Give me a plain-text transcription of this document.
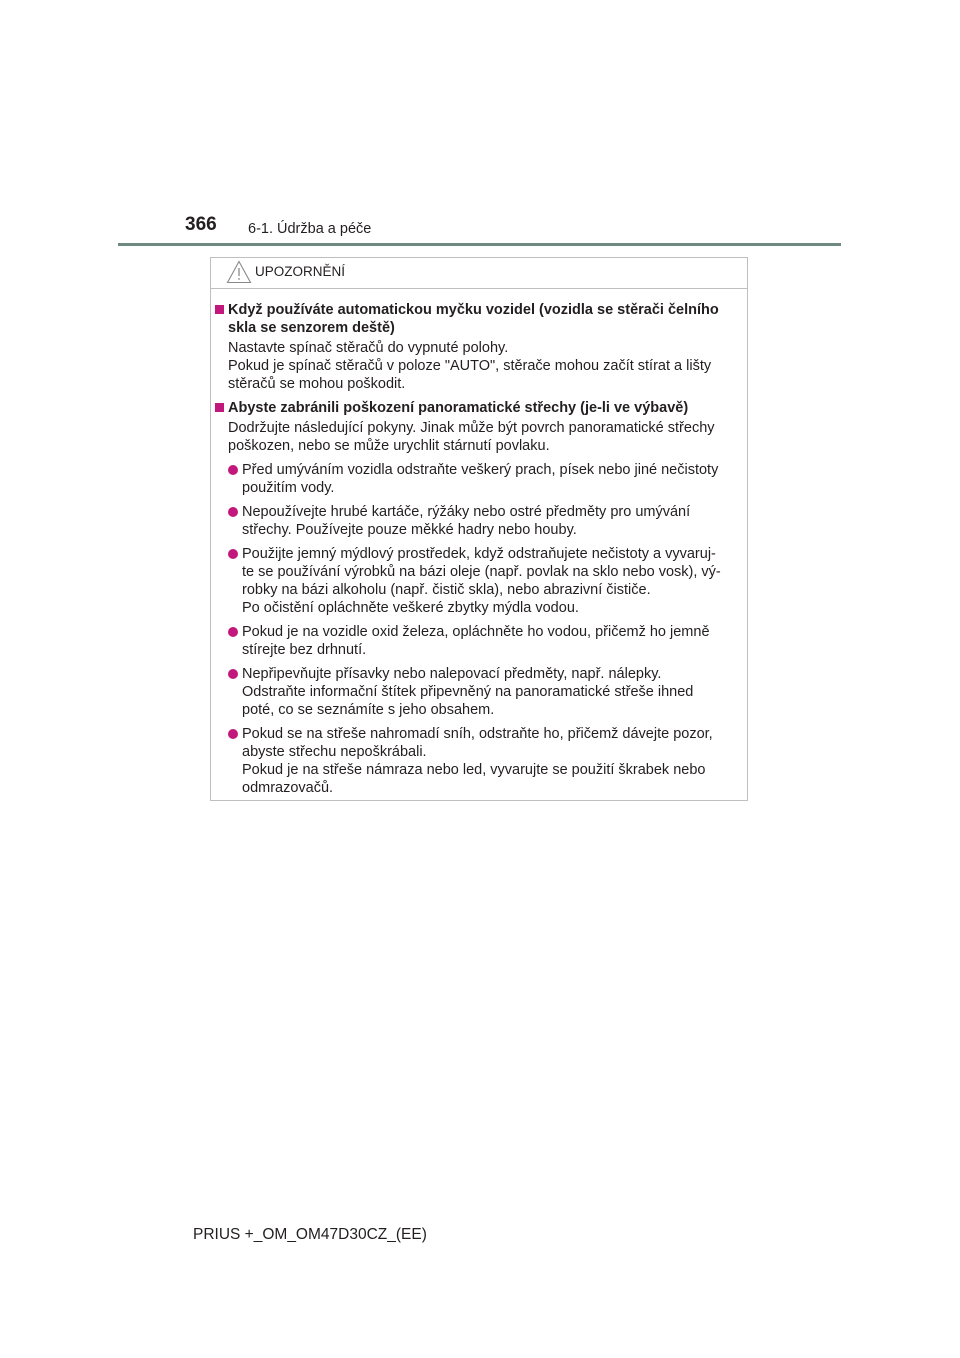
366 6-1. Údržba a péče
UPOZORNĚNÍ
Když používáte automatickou myčku vozidel (vozidla se stěrači čelního
skla se senzorem deště)
Nastavte spínač stěračů do vypnuté polohy.
Pokud je spínač stěračů v poloze "AUTO", stěrače mohou začít stírat a lišty
stěračů se mohou poškodit.
Abyste zabránili poškození panoramatické střechy (je-li ve výbavě)
Dodržujte následující pokyny. Jinak může být povrch panoramatické střechy
poškozen, nebo se může urychlit stárnutí povlaku.
Před umýváním vozidla odstraňte veškerý prach, písek nebo jiné nečistoty
použitím vody.
Nepoužívejte hrubé kartáče, rýžáky nebo ostré předměty pro umývání
střechy. Používejte pouze měkké hadry nebo houby.
Použijte jemný mýdlový prostředek, když odstraňujete nečistoty a vyvaruj-
te se používání výrobků na bázi oleje (např. povlak na sklo nebo vosk), vý-
robky na bázi alkoholu (např. čistič skla), nebo abrazivní čističe.
Po očistění opláchněte veškeré zbytky mýdla vodou.
Pokud je na vozidle oxid železa, opláchněte ho vodou, přičemž ho jemně
stírejte bez drhnutí.
Nepřipevňujte přísavky nebo nalepovací předměty, např. nálepky.
Odstraňte informační štítek připevněný na panoramatické střeše ihned
poté, co se seznámíte s jeho obsahem.
Pokud se na střeše nahromadí sníh, odstraňte ho, přičemž dávejte pozor,
abyste střechu nepoškrábali.
Pokud je na střeše námraza nebo led, vyvarujte se použití škrabek nebo
odmrazovačů.
PRIUS +_OM_OM47D30CZ_(EE)
